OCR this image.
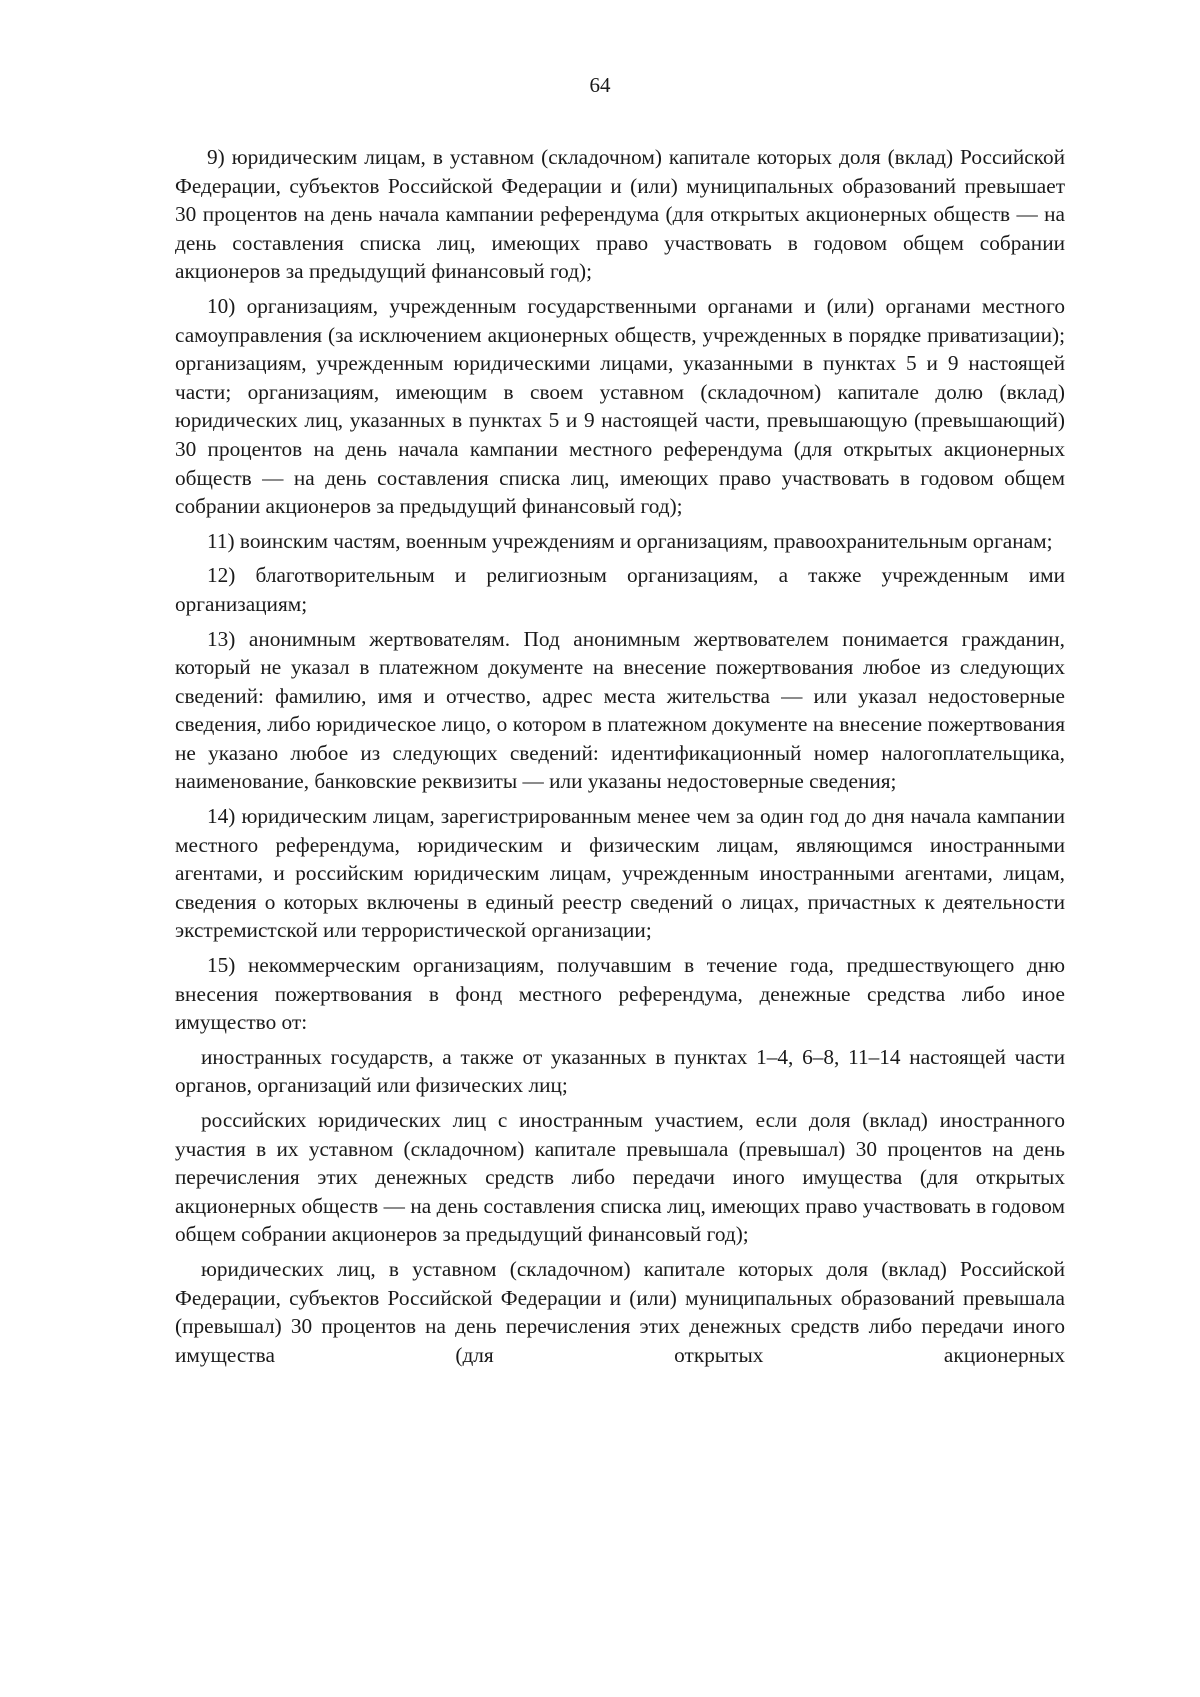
64

9) юридическим лицам, в уставном (складочном) капитале которых доля (вклад) Российской Федерации, субъектов Российской Федерации и (или) муниципальных образований превышает 30 процентов на день начала кампании референдума (для открытых акционерных обществ — на день составления списка лиц, имеющих право участвовать в годовом общем собрании акционеров за предыдущий финансовый год);

10) организациям, учрежденным государственными органами и (или) органами местного самоуправления (за исключением акционерных обществ, учрежденных в порядке приватизации); организациям, учрежденным юридическими лицами, указанными в пунктах 5 и 9 настоящей части; организациям, имеющим в своем уставном (складочном) капитале долю (вклад) юридических лиц, указанных в пунктах 5 и 9 настоящей части, превышающую (превышающий) 30 процентов на день начала кампании местного референдума (для открытых акционерных обществ — на день составления списка лиц, имеющих право участвовать в годовом общем собрании акционеров за предыдущий финансовый год);

11) воинским частям, военным учреждениям и организациям, правоохранительным органам;

12) благотворительным и религиозным организациям, а также учрежденным ими организациям;

13) анонимным жертвователям. Под анонимным жертвователем понимается гражданин, который не указал в платежном документе на внесение пожертвования любое из следующих сведений: фамилию, имя и отчество, адрес места жительства — или указал недостоверные сведения, либо юридическое лицо, о котором в платежном документе на внесение пожертвования не указано любое из следующих сведений: идентификационный номер налогоплательщика, наименование, банковские реквизиты — или указаны недостоверные сведения;

14) юридическим лицам, зарегистрированным менее чем за один год до дня начала кампании местного референдума, юридическим и физическим лицам, являющимся иностранными агентами, и российским юридическим лицам, учрежденным иностранными агентами, лицам, сведения о которых включены в единый реестр сведений о лицах, причастных к деятельности экстремистской или террористической организации;

15) некоммерческим организациям, получавшим в течение года, предшествующего дню внесения пожертвования в фонд местного референдума, денежные средства либо иное имущество от:

иностранных государств, а также от указанных в пунктах 1–4, 6–8, 11–14 настоящей части органов, организаций или физических лиц;

российских юридических лиц с иностранным участием, если доля (вклад) иностранного участия в их уставном (складочном) капитале превышала (превышал) 30 процентов на день перечисления этих денежных средств либо передачи иного имущества (для открытых акционерных обществ — на день составления списка лиц, имеющих право участвовать в годовом общем собрании акционеров за предыдущий финансовый год);

юридических лиц, в уставном (складочном) капитале которых доля (вклад) Российской Федерации, субъектов Российской Федерации и (или) муниципальных образований превышала (превышал) 30 процентов на день перечисления этих денежных средств либо передачи иного имущества (для открытых акционерных
